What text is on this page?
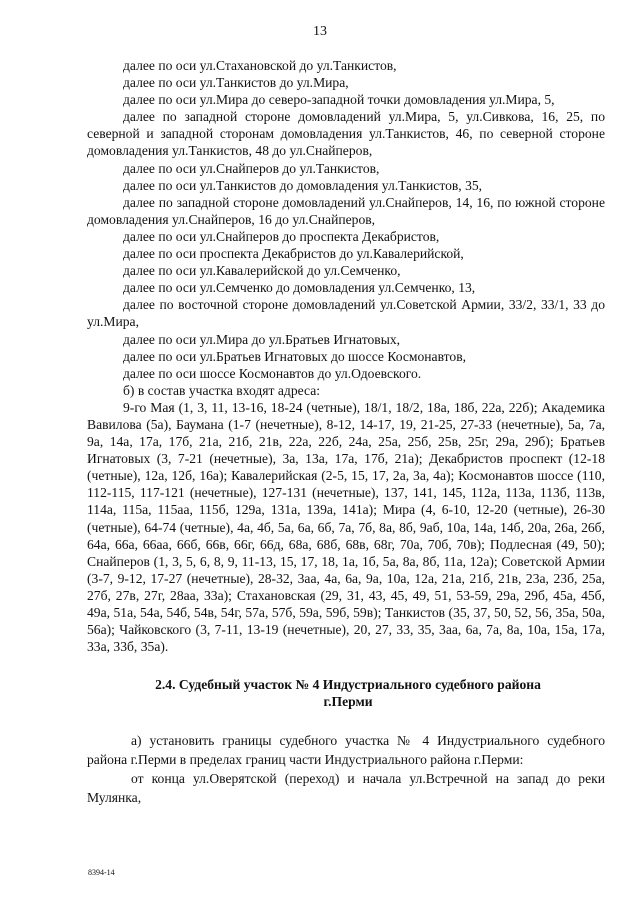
13

далее по оси ул.Стахановской до ул.Танкистов,

далее по оси ул.Танкистов до ул.Мира,

далее по оси ул.Мира до северо-западной точки домовладения ул.Мира, 5,

далее по западной стороне домовладений ул.Мира, 5, ул.Сивкова, 16, 25, по северной и западной сторонам домовладения ул.Танкистов, 46, по северной стороне домовладения ул.Танкистов, 48 до ул.Снайперов,

далее по оси ул.Снайперов до ул.Танкистов,

далее по оси ул.Танкистов до домовладения ул.Танкистов, 35,

далее по западной стороне домовладений ул.Снайперов, 14, 16, по южной стороне домовладения ул.Снайперов, 16 до ул.Снайперов,

далее по оси ул.Снайперов до проспекта Декабристов,

далее по оси проспекта Декабристов до ул.Кавалерийской,

далее по оси ул.Кавалерийской до ул.Семченко,

далее по оси ул.Семченко до домовладения ул.Семченко, 13,

далее по восточной стороне домовладений ул.Советской Армии, 33/2, 33/1, 33 до ул.Мира,

далее по оси ул.Мира до ул.Братьев Игнатовых,

далее по оси ул.Братьев Игнатовых до шоссе Космонавтов,

далее по оси шоссе Космонавтов до ул.Одоевского.

б) в состав участка входят адреса:

9-го Мая (1, 3, 11, 13-16, 18-24 (четные), 18/1, 18/2, 18а, 18б, 22а, 22б); Академика Вавилова (5а), Баумана (1-7 (нечетные), 8-12, 14-17, 19, 21-25, 27-33 (нечетные), 5а, 7а, 9а, 14а, 17а, 17б, 21а, 21б, 21в, 22а, 22б, 24а, 25а, 25б, 25в, 25г, 29а, 29б); Братьев Игнатовых (3, 7-21 (нечетные), 3а, 13а, 17а, 17б, 21а); Декабристов проспект (12-18 (четные), 12а, 12б, 16а); Кавалерийская (2-5, 15, 17, 2а, 3а, 4а); Космонавтов шоссе (110, 112-115, 117-121 (нечетные), 127-131 (нечетные), 137, 141, 145, 112а, 113а, 113б, 113в, 114а, 115а, 115аа, 115б, 129а, 131а, 139а, 141а); Мира (4, 6-10, 12-20 (четные), 26-30 (четные), 64-74 (четные), 4а, 4б, 5а, 6а, 6б, 7а, 7б, 8а, 8б, 9аб, 10а, 14а, 14б, 20а, 26а, 26б, 64а, 66а, 66аа, 66б, 66в, 66г, 66д, 68а, 68б, 68в, 68г, 70а, 70б, 70в); Подлесная (49, 50); Снайперов (1, 3, 5, 6, 8, 9, 11-13, 15, 17, 18, 1а, 1б, 5а, 8а, 8б, 11а, 12а); Советской Армии (3-7, 9-12, 17-27 (нечетные), 28-32, 3аа, 4а, 6а, 9а, 10а, 12а, 21а, 21б, 21в, 23а, 23б, 25а, 27б, 27в, 27г, 28аа, 33а); Стахановская (29, 31, 43, 45, 49, 51, 53-59, 29а, 29б, 45а, 45б, 49а, 51а, 54а, 54б, 54в, 54г, 57а, 57б, 59а, 59б, 59в); Танкистов (35, 37, 50, 52, 56, 35а, 50а, 56а); Чайковского (3, 7-11, 13-19 (нечетные), 20, 27, 33, 35, 3аа, 6а, 7а, 8а, 10а, 15а, 17а, 33а, 33б, 35а).

2.4. Судебный участок № 4 Индустриального судебного района
г.Перми

а) установить границы судебного участка № 4 Индустриального судебного района г.Перми в пределах границ части Индустриального района г.Перми:

от конца ул.Оверятской (переход) и начала ул.Встречной на запад до реки Мулянка,

8394-14
